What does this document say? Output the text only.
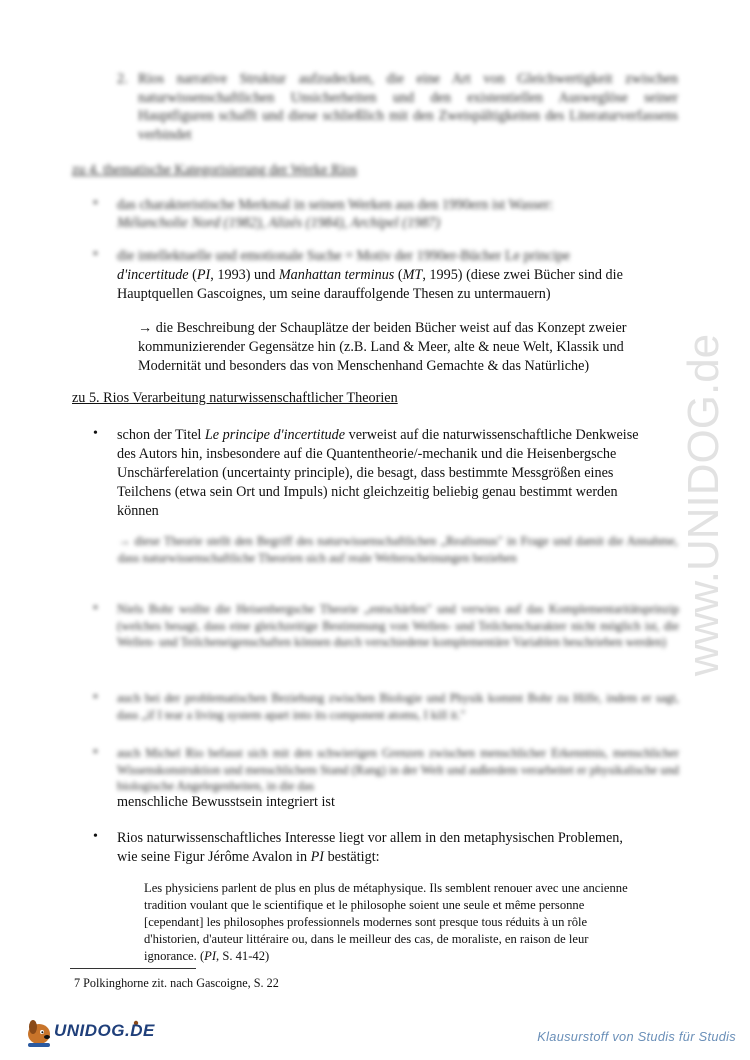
2. Rios narrative Struktur aufzudecken, die eine Art von Gleichwertigkeit zwischen naturwissenschaftlichen Unsicherheiten und den existentiellen Ausweglöse seiner Hauptfiguren schafft und diese schließlich mit den Zweispältigkeiten des Literaturverfassens verbindet

zu 4. thematische Kategorisierung der Werke Rios
• das charakteristische Merkmal in seinen Werken aus den 1990ern ist Wasser:

Mélancholie Nord (1982), Alizés (1984), Archipel (1987)

• die intellektuelle und emotionale Suche = Motiv der 1990er-Bücher Le principe

d'incertitude (PI, 1993) und Manhattan terminus (MT, 1995) (diese zwei Bücher sind die

Hauptquellen Gascoignes, um seine darauffolgende Thesen zu untermauern)

→ die Beschreibung der Schauplätze der beiden Bücher weist auf das Konzept zweier

kommunizierender Gegensätze hin (z.B. Land & Meer, alte & neue Welt, Klassik und

Modernität und besonders das von Menschenhand Gemachte & das Natürliche)

zu 5. Rios Verarbeitung naturwissenschaftlicher Theorien
• schon der Titel Le principe d'incertitude verweist auf die naturwissenschaftliche Denkweise

des Autors hin, insbesondere auf die Quantentheorie/-mechanik und die Heisenbergsche

Unschärferelation (uncertainty principle), die besagt, dass bestimmte Messgrößen eines

Teilchens (etwa sein Ort und Impuls) nicht gleichzeitig beliebig genau bestimmt werden

können

→ diese Theorie stellt den Begriff des naturwissenschaftlichen „Realismus" in Frage und damit die Annahme, dass naturwissenschaftliche Theorien sich auf reale Welterscheinungen beziehen

• Niels Bohr wollte die Heisenbergsche Theorie „entschärfen" und verwies auf das Komplementaritätsprinzip (welches besagt, dass eine gleichzeitige Bestimmung von Wellen- und Teilchencharakter nicht möglich ist, die Wellen- und Teilcheneigenschaften können durch verschiedene komplementäre Variablen beschrieben werden)

• auch bei der problematischen Beziehung zwischen Biologie und Physik kommt Bohr zu Hilfe, indem er sagt, dass „if I tear a living system apart into its component atoms, I kill it."

• auch Michel Rio befasst sich mit den schwierigen Grenzen zwischen menschlicher Erkenntnis, menschlicher Wissenskonstruktion und menschlichem Stand (Rang) in der Welt und außerdem verarbeitet er physikalische und biologische Angelegenheiten, in die das

menschliche Bewusstsein integriert ist

• Rios naturwissenschaftliches Interesse liegt vor allem in den metaphysischen Problemen,

wie seine Figur Jérôme Avalon in PI bestätigt:

Les physiciens parlent de plus en plus de métaphysique. Ils semblent renouer avec une ancienne
tradition voulant que le scientifique et le philosophe soient une seule et même personne
[cependant] les philosophes professionnels modernes sont presque tous réduits à un rôle
d'historien, d'auteur littéraire ou, dans le meilleur des cas, de moraliste, en raison de leur
ignorance. (PI, S. 41-42)
7 Polkinghorne zit. nach Gascoigne, S. 22
www.UNIDOG.de
UNIDOG.DE	Klausurstoff von Studis für Studis
